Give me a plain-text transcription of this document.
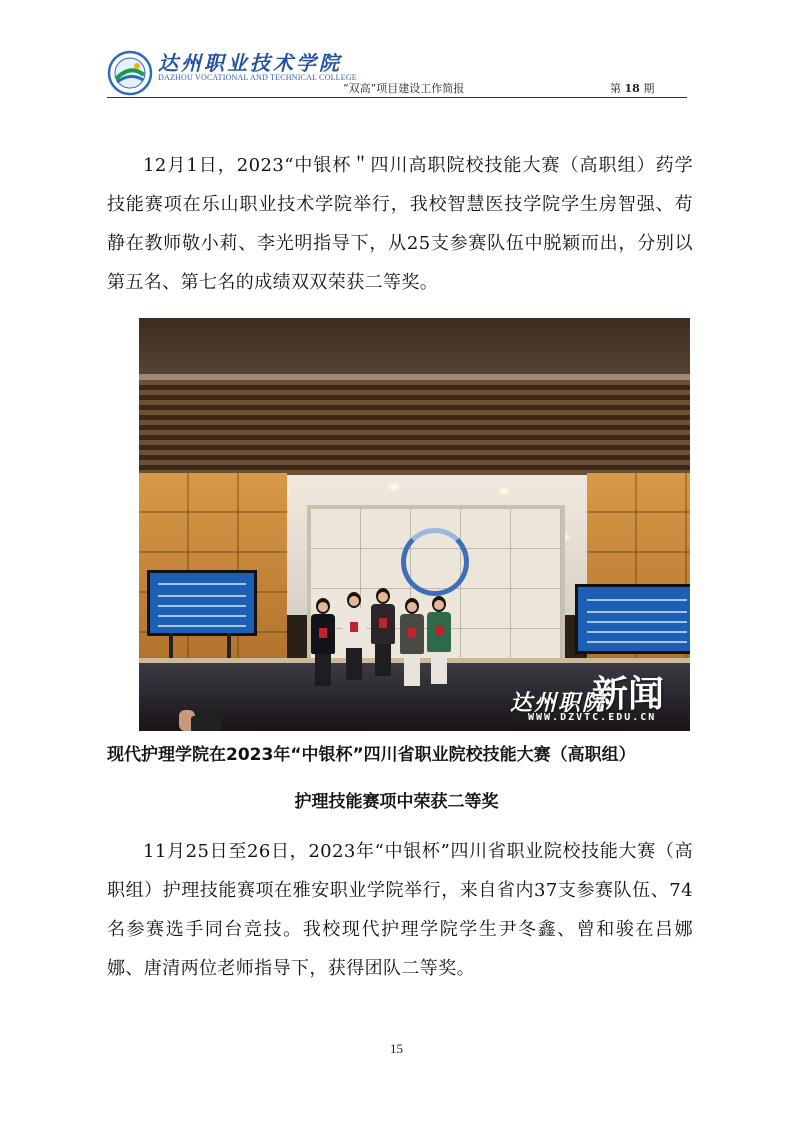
达州职业技术学院
DAZHOU VOCATIONAL AND TECHNICAL COLLEGE
“双高”项目建设工作简报	第 18 期

12月1日，2023“中银杯＂四川高职院校技能大赛（高职组）药学技能赛项在乐山职业技术学院举行，我校智慧医技学院学生房智强、苟静在教师敬小莉、李光明指导下，从25支参赛队伍中脱颖而出，分别以第五名、第七名的成绩双双荣获二等奖。

新闻
达州职院
WWW.DZVTC.EDU.CN

现代护理学院在2023年“中银杯”四川省职业院校技能大赛（高职组）

护理技能赛项中荣获二等奖

11月25日至26日，2023年“中银杯”四川省职业院校技能大赛（高职组）护理技能赛项在雅安职业学院举行，来自省内37支参赛队伍、74名参赛选手同台竞技。我校现代护理学院学生尹冬鑫、曾和骏在吕娜娜、唐清两位老师指导下，获得团队二等奖。

15
